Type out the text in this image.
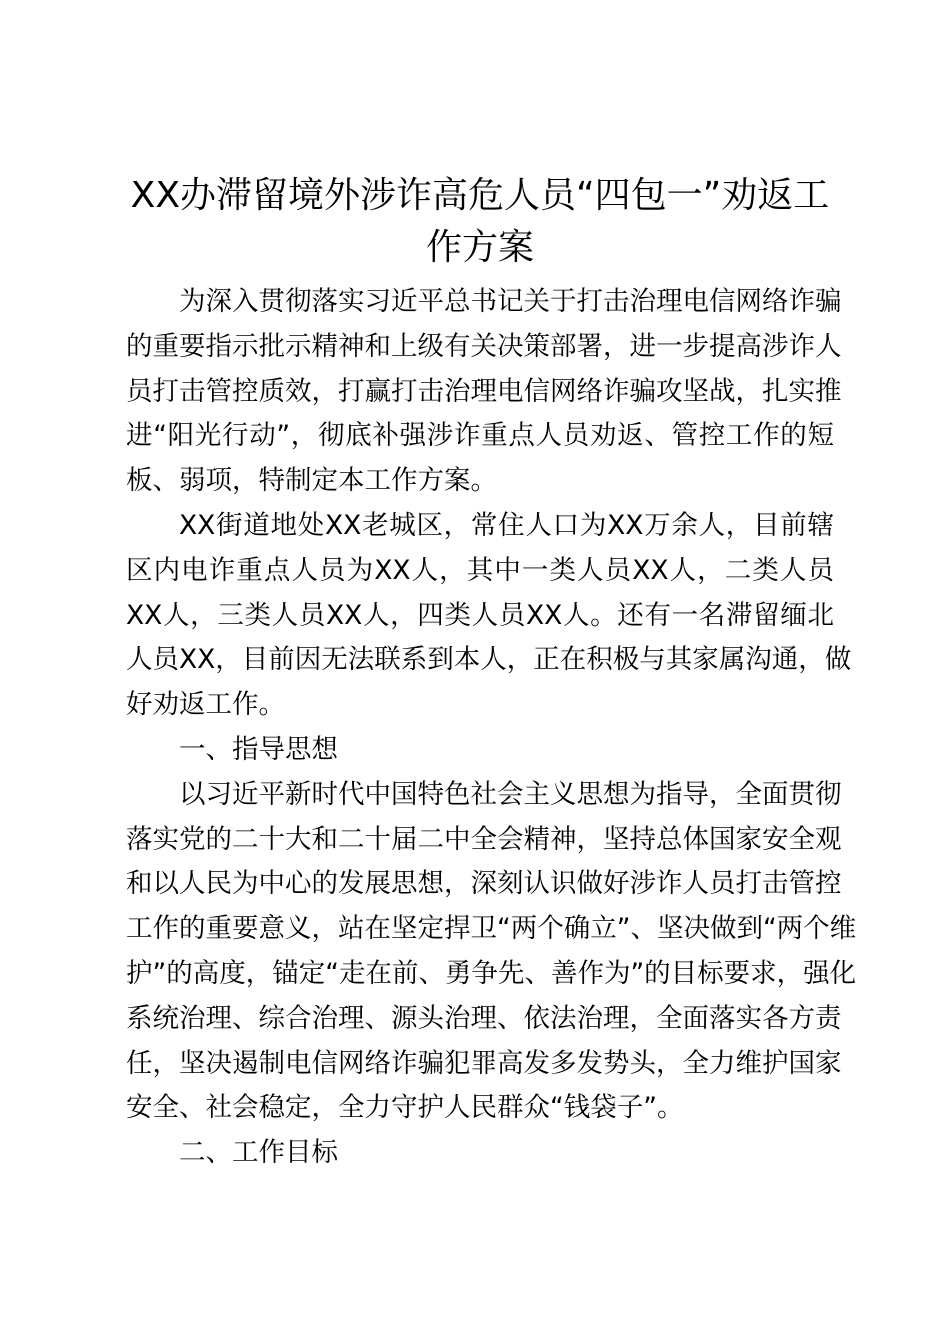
XX办滞留境外涉诈高危人员“四包一”劝返工
作方案
为深入贯彻落实习近平总书记关于打击治理电信网络诈骗
的重要指示批示精神和上级有关决策部署，进一步提高涉诈人
员打击管控质效，打赢打击治理电信网络诈骗攻坚战，扎实推
进“阳光行动”，彻底补强涉诈重点人员劝返、管控工作的短
板、弱项，特制定本工作方案。
XX街道地处XX老城区，常住人口为XX万余人，目前辖
区内电诈重点人员为XX人，其中一类人员XX人，二类人员
XX人，三类人员XX人，四类人员XX人。还有一名滞留缅北
人员XX，目前因无法联系到本人，正在积极与其家属沟通，做
好劝返工作。
一、指导思想
以习近平新时代中国特色社会主义思想为指导，全面贯彻
落实党的二十大和二十届二中全会精神，坚持总体国家安全观
和以人民为中心的发展思想，深刻认识做好涉诈人员打击管控
工作的重要意义，站在坚定捍卫“两个确立”、坚决做到“两个维
护”的高度，锚定“走在前、勇争先、善作为”的目标要求，强化
系统治理、综合治理、源头治理、依法治理，全面落实各方责
任，坚决遏制电信网络诈骗犯罪高发多发势头，全力维护国家
安全、社会稳定，全力守护人民群众“钱袋子”。
二、工作目标
